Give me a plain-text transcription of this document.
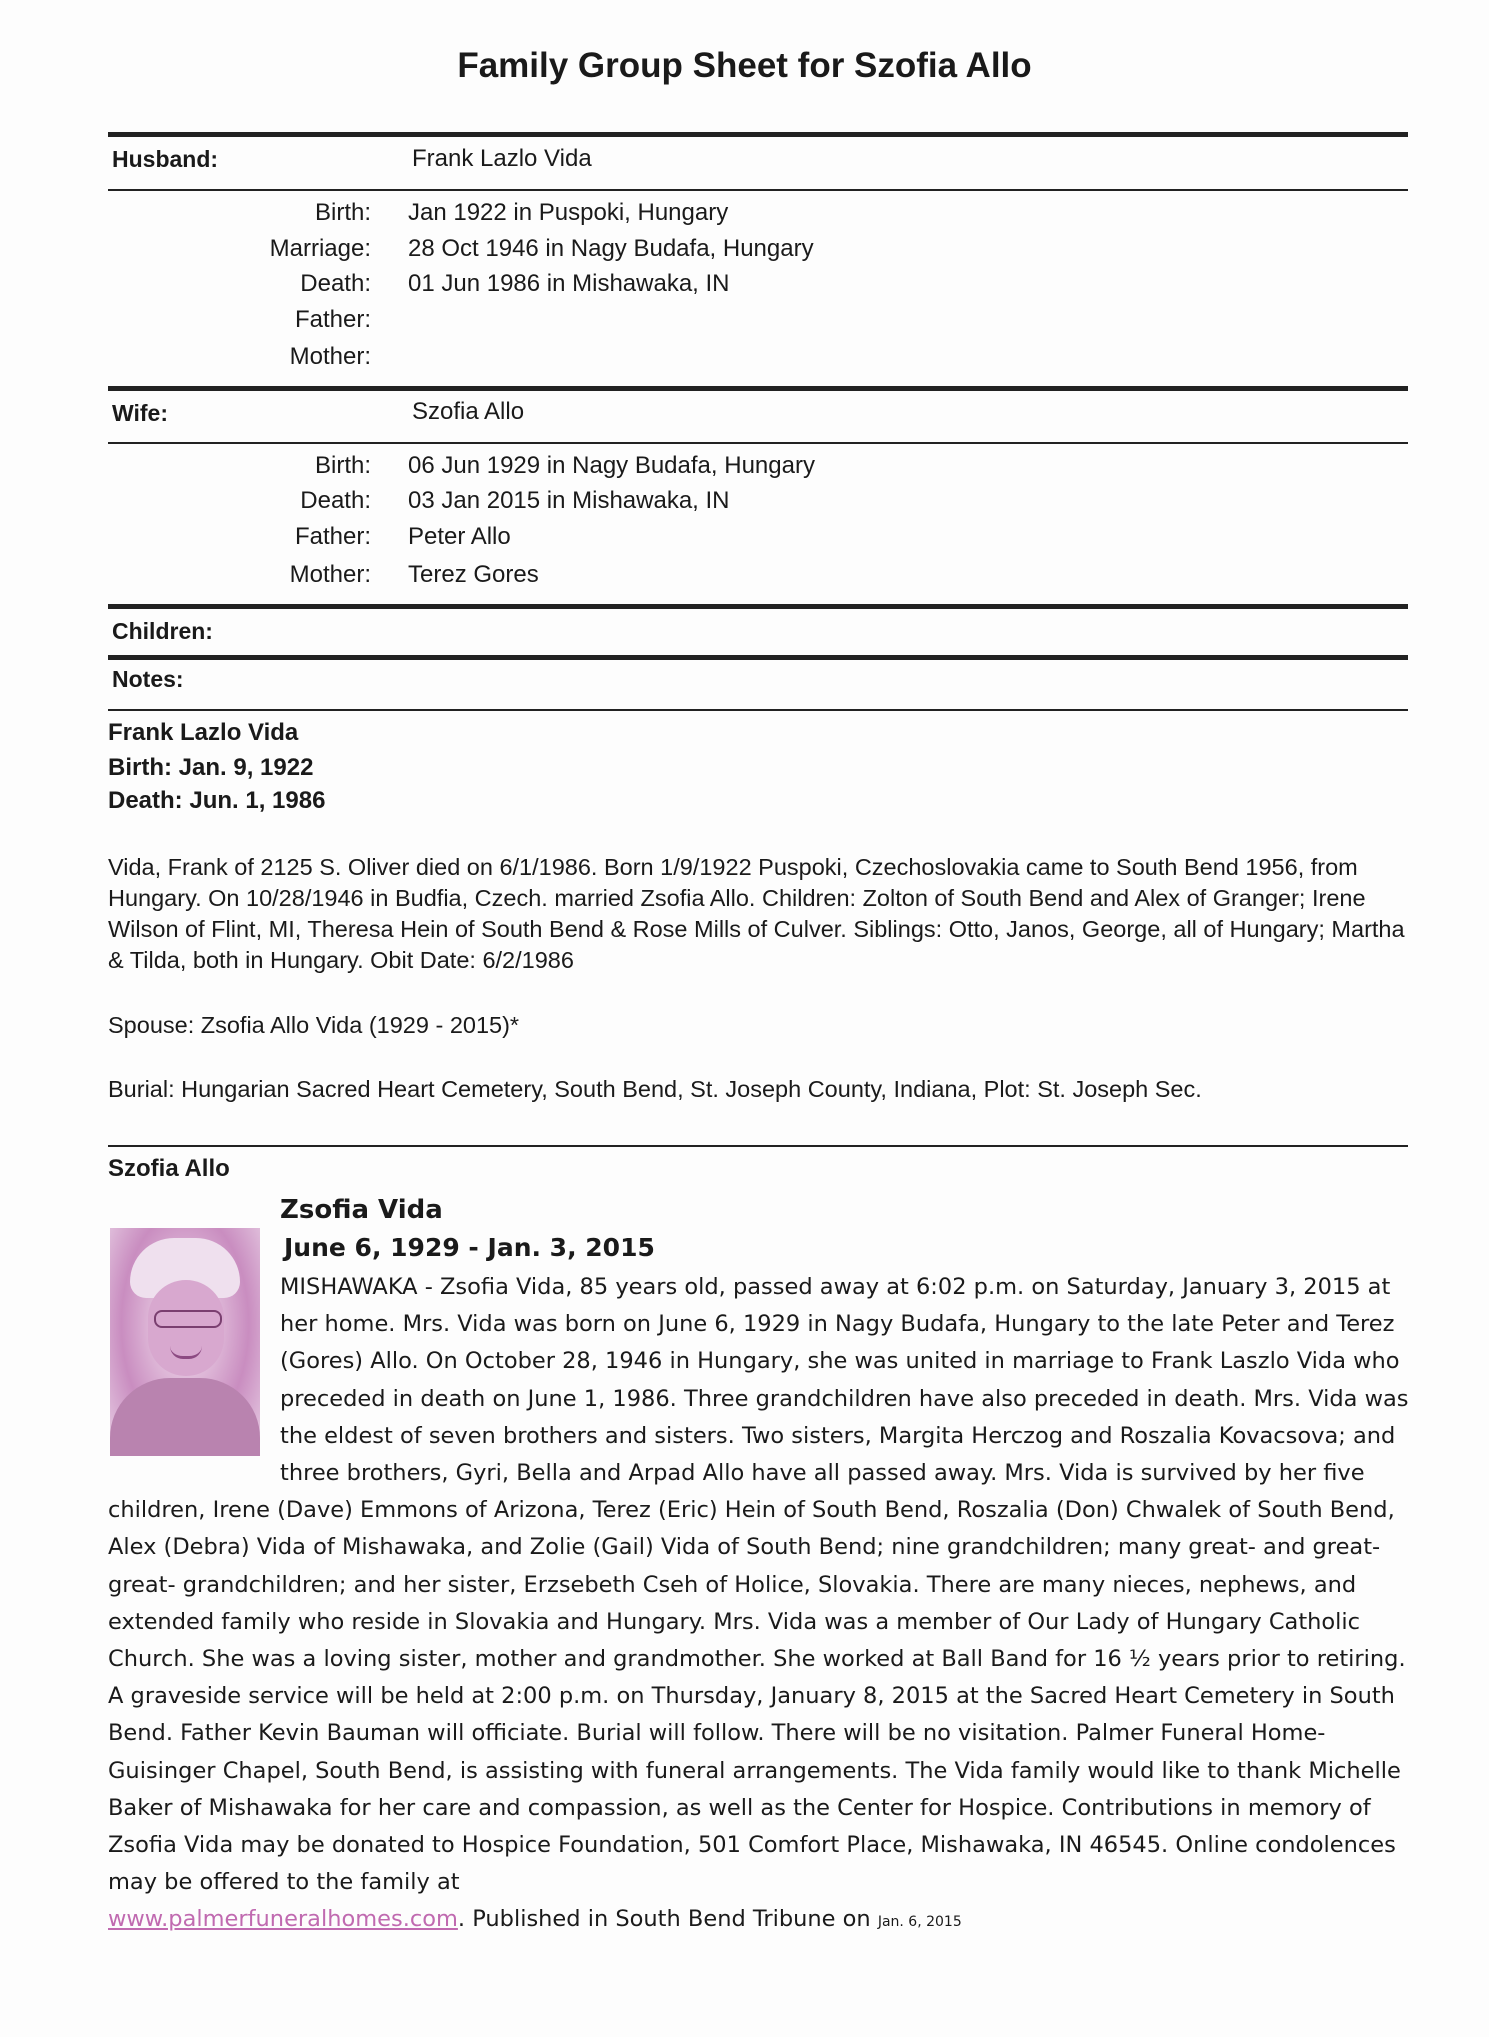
Family Group Sheet for Szofia Allo
Husband:	Frank Lazlo Vida
Birth: Jan 1922 in Puspoki, Hungary
Marriage: 28 Oct 1946 in Nagy Budafa, Hungary
Death: 01 Jun 1986 in Mishawaka, IN
Father:
Mother:
Wife:	Szofia Allo
Birth: 06 Jun 1929 in Nagy Budafa, Hungary
Death: 03 Jan 2015 in Mishawaka, IN
Father: Peter Allo
Mother: Terez Gores
Children:
Notes:
Frank Lazlo Vida
Birth: Jan. 9, 1922
Death: Jun. 1, 1986
Vida, Frank of 2125 S. Oliver died on 6/1/1986. Born 1/9/1922 Puspoki, Czechoslovakia came to South Bend 1956, from Hungary. On 10/28/1946 in Budfia, Czech. married Zsofia Allo. Children: Zolton of South Bend and Alex of Granger; Irene Wilson of Flint, MI, Theresa Hein of South Bend & Rose Mills of Culver. Siblings: Otto, Janos, George, all of Hungary; Martha & Tilda, both in Hungary. Obit Date: 6/2/1986
Spouse: Zsofia Allo Vida (1929 - 2015)*
Burial: Hungarian Sacred Heart Cemetery, South Bend, St. Joseph County, Indiana, Plot: St. Joseph Sec.
Szofia Allo
Zsofia Vida
June 6, 1929 - Jan. 3, 2015
MISHAWAKA - Zsofia Vida, 85 years old, passed away at 6:02 p.m. on Saturday, January 3, 2015 at her home. Mrs. Vida was born on June 6, 1929 in Nagy Budafa, Hungary to the late Peter and Terez (Gores) Allo. On October 28, 1946 in Hungary, she was united in marriage to Frank Laszlo Vida who preceded in death on June 1, 1986. Three grandchildren have also preceded in death. Mrs. Vida was the eldest of seven brothers and sisters. Two sisters, Margita Herczog and Roszalia Kovacsova; and three brothers, Gyri, Bella and Arpad Allo have all passed away. Mrs. Vida is survived by her five children, Irene (Dave) Emmons of Arizona, Terez (Eric) Hein of South Bend, Roszalia (Don) Chwalek of South Bend, Alex (Debra) Vida of Mishawaka, and Zolie (Gail) Vida of South Bend; nine grandchildren; many great- and great-great- grandchildren; and her sister, Erzsebeth Cseh of Holice, Slovakia. There are many nieces, nephews, and extended family who reside in Slovakia and Hungary. Mrs. Vida was a member of Our Lady of Hungary Catholic Church. She was a loving sister, mother and grandmother. She worked at Ball Band for 16 ½ years prior to retiring. A graveside service will be held at 2:00 p.m. on Thursday, January 8, 2015 at the Sacred Heart Cemetery in South Bend. Father Kevin Bauman will officiate. Burial will follow. There will be no visitation. Palmer Funeral Home-Guisinger Chapel, South Bend, is assisting with funeral arrangements. The Vida family would like to thank Michelle Baker of Mishawaka for her care and compassion, as well as the Center for Hospice. Contributions in memory of Zsofia Vida may be donated to Hospice Foundation, 501 Comfort Place, Mishawaka, IN 46545. Online condolences may be offered to the family at
www.palmerfuneralhomes.com. Published in South Bend Tribune on Jan. 6, 2015
